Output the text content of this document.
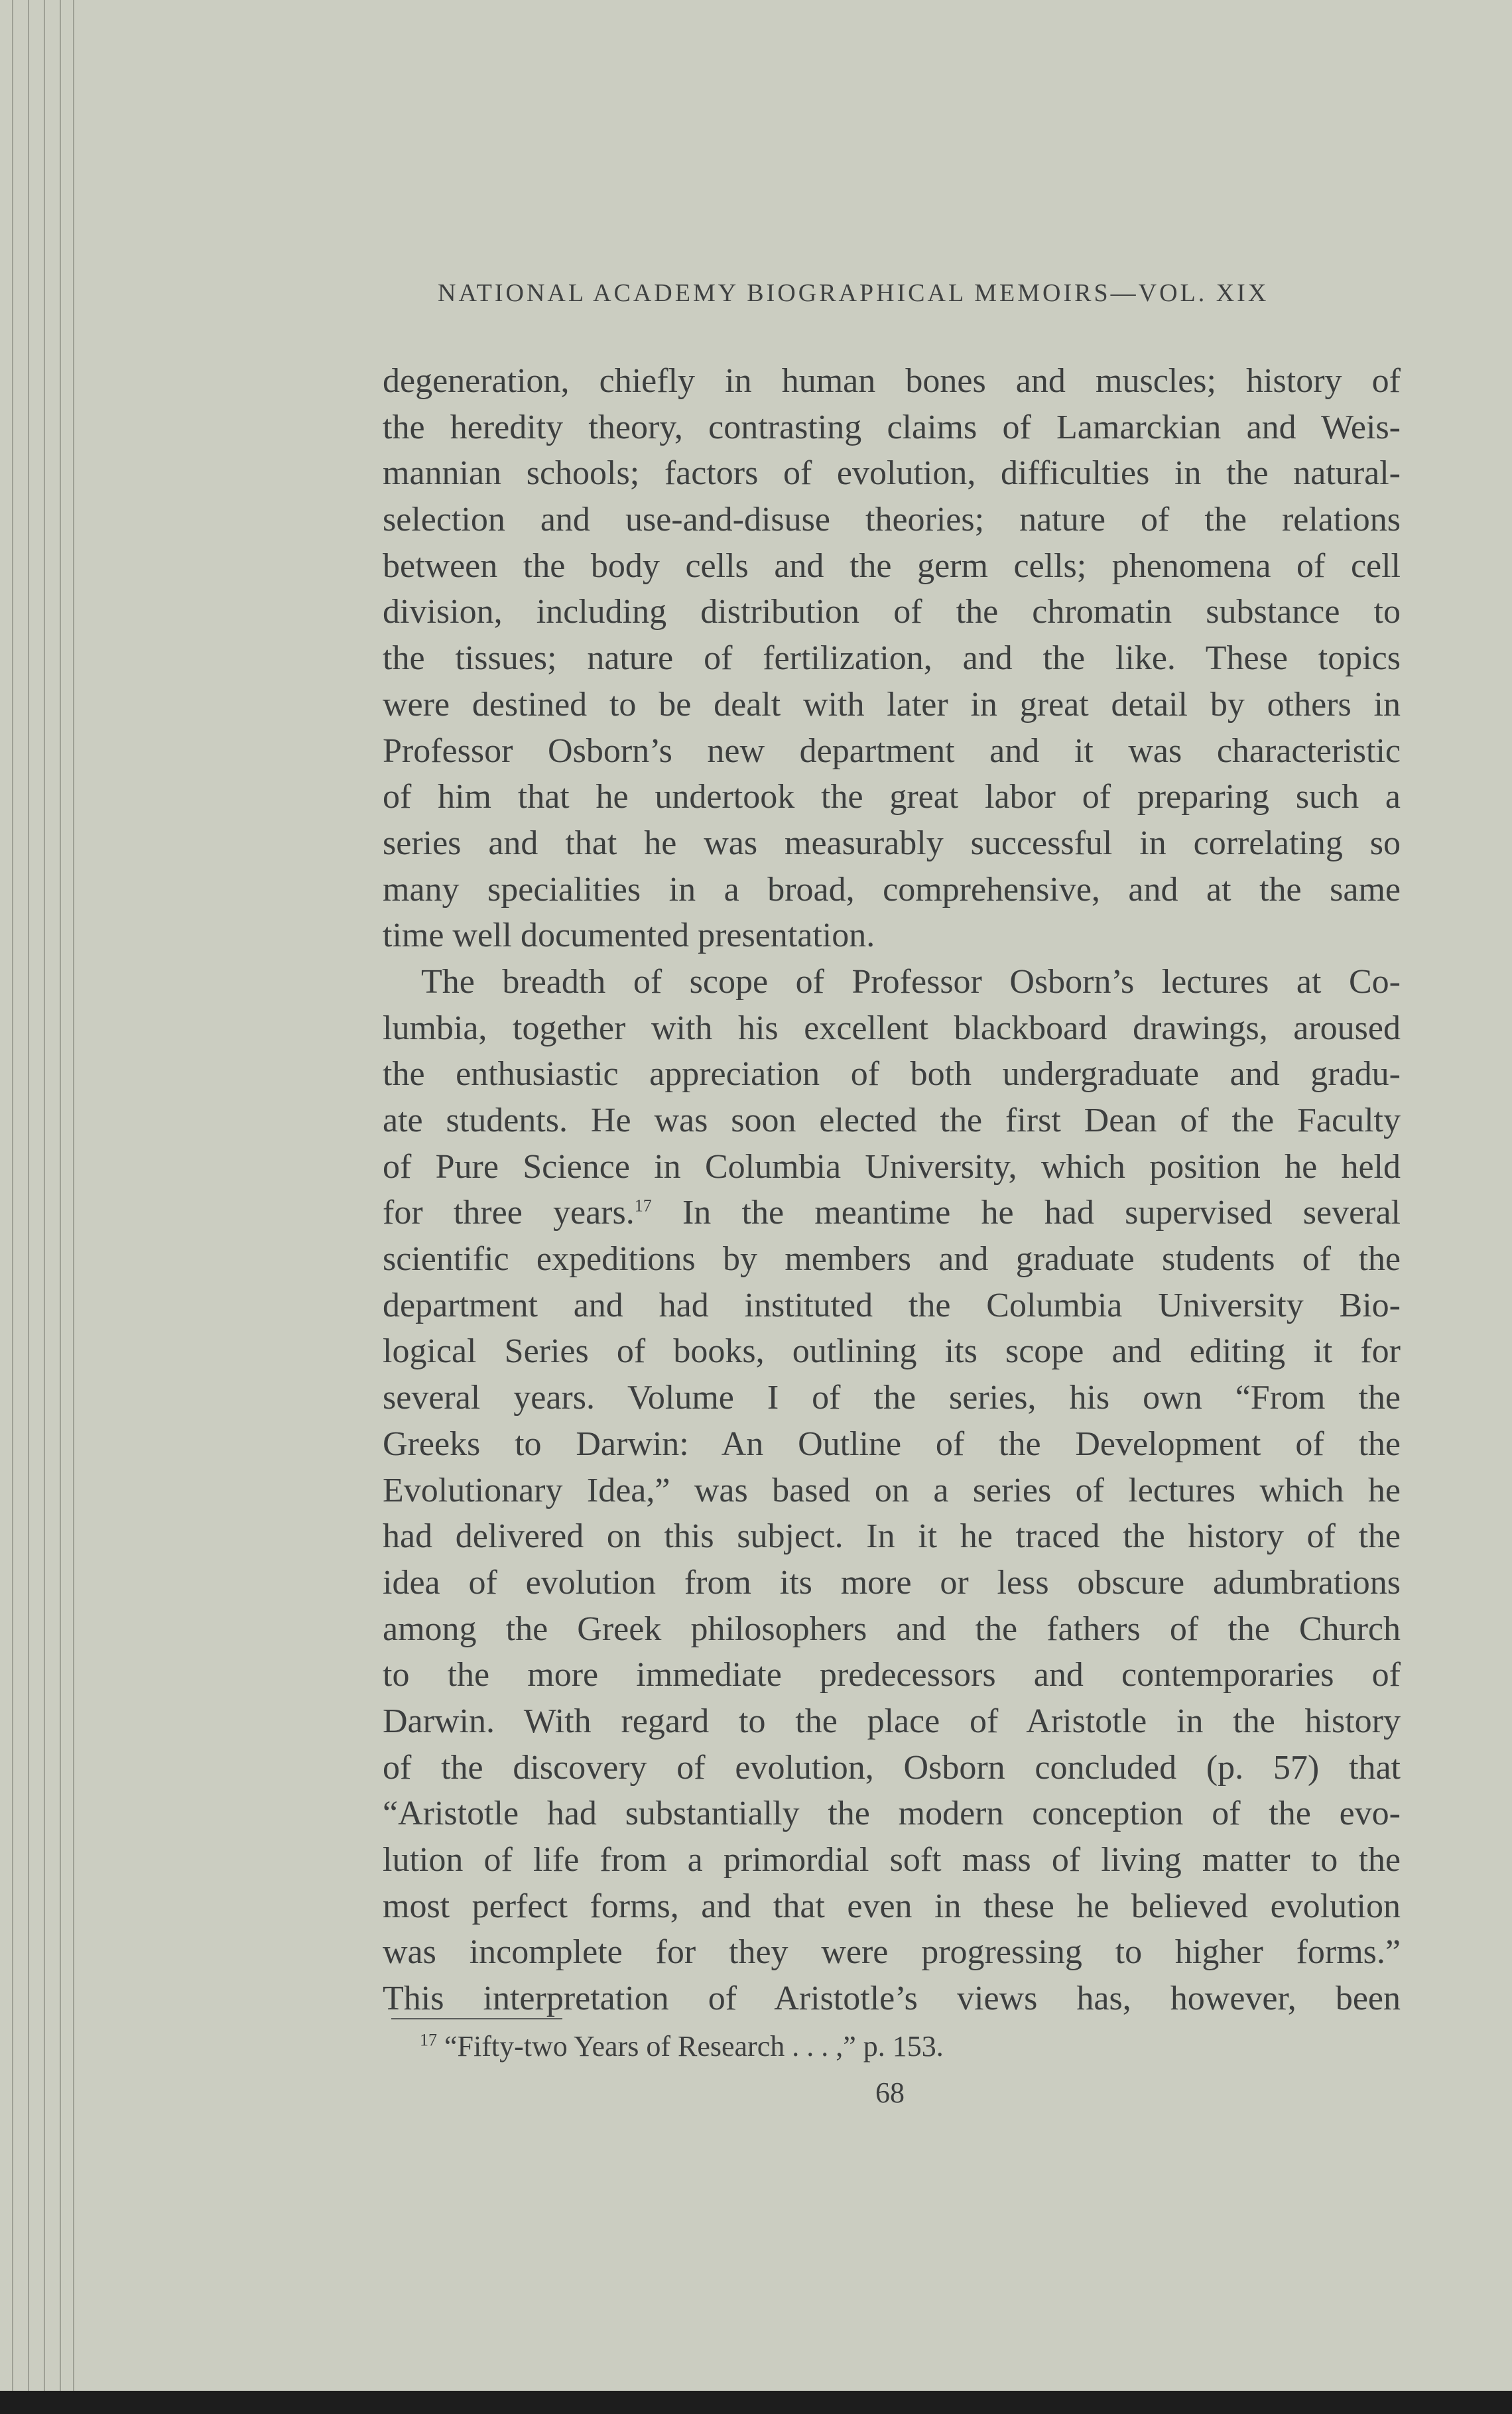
NATIONAL ACADEMY BIOGRAPHICAL MEMOIRS—VOL. XIX
degeneration, chiefly in human bones and muscles; history of
the heredity theory, contrasting claims of Lamarckian and Weis-
mannian schools; factors of evolution, difficulties in the natural-
selection and use-and-disuse theories; nature of the relations
between the body cells and the germ cells; phenomena of cell
division, including distribution of the chromatin substance to
the tissues; nature of fertilization, and the like. These topics
were destined to be dealt with later in great detail by others in
Professor Osborn’s new department and it was characteristic
of him that he undertook the great labor of preparing such a
series and that he was measurably successful in correlating so
many specialities in a broad, comprehensive, and at the same
time well documented presentation.
The breadth of scope of Professor Osborn’s lectures at Co-
lumbia, together with his excellent blackboard drawings, aroused
the enthusiastic appreciation of both undergraduate and gradu-
ate students. He was soon elected the first Dean of the Faculty
of Pure Science in Columbia University, which position he held
for three years.$^{17}$ In the meantime he had supervised several
scientific expeditions by members and graduate students of the
department and had instituted the Columbia University Bio-
logical Series of books, outlining its scope and editing it for
several years. Volume I of the series, his own “From the
Greeks to Darwin: An Outline of the Development of the
Evolutionary Idea,” was based on a series of lectures which he
had delivered on this subject. In it he traced the history of the
idea of evolution from its more or less obscure adumbrations
among the Greek philosophers and the fathers of the Church
to the more immediate predecessors and contemporaries of
Darwin. With regard to the place of Aristotle in the history
of the discovery of evolution, Osborn concluded (p. 57) that
“Aristotle had substantially the modern conception of the evo-
lution of life from a primordial soft mass of living matter to the
most perfect forms, and that even in these he believed evolution
was incomplete for they were progressing to higher forms.”
This interpretation of Aristotle’s views has, however, been
$^{17}$ “Fifty-two Years of Research . . . ,” p. 153.
68
